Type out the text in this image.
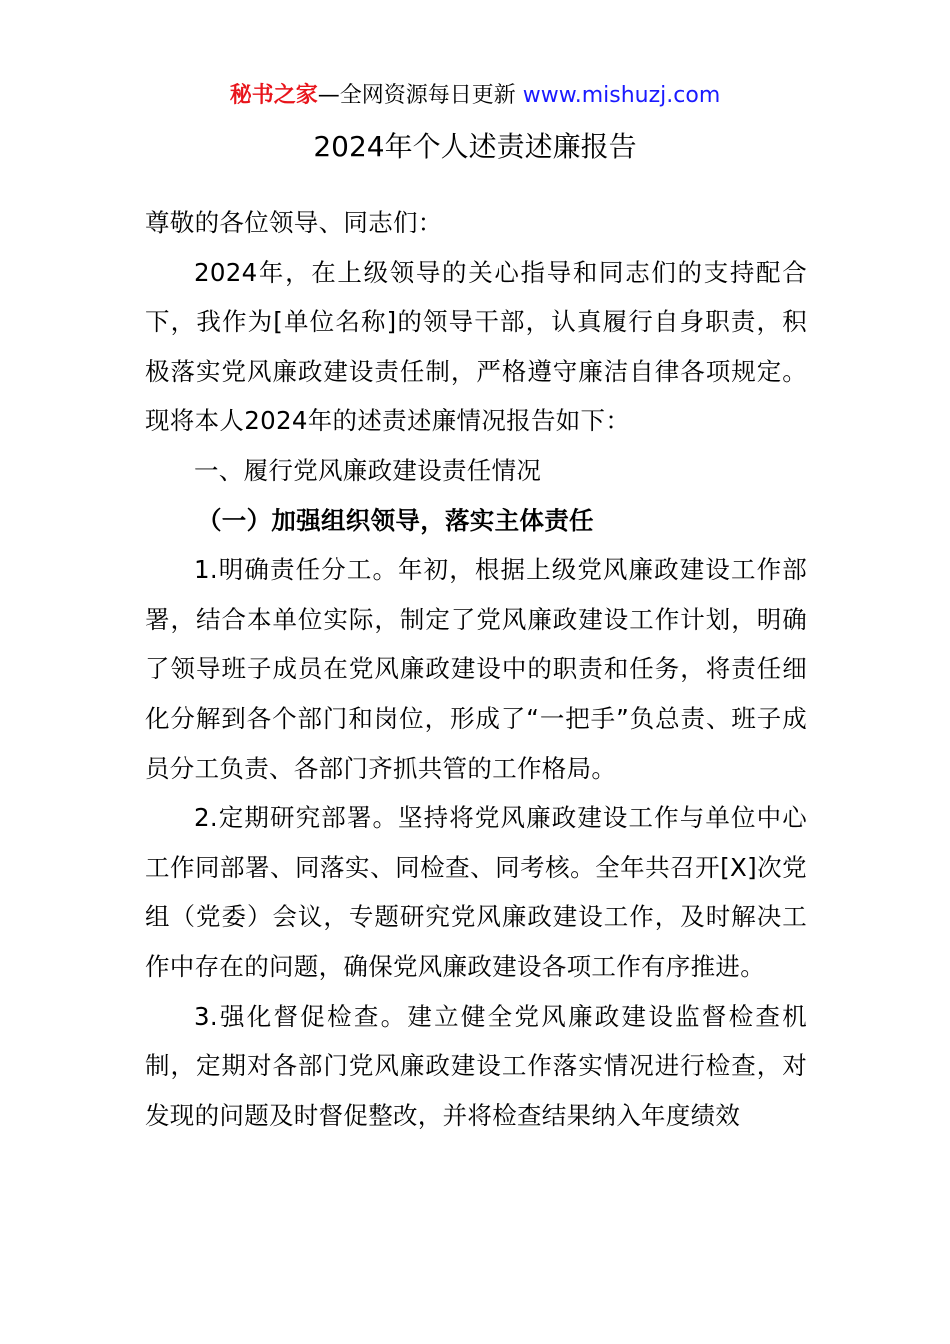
秘书之家—全网资源每日更新 www.mishuzj.com
2024年个人述责述廉报告

尊敬的各位领导、同志们：

2024年，在上级领导的关心指导和同志们的支持配合下，我作为[单位名称]的领导干部，认真履行自身职责，积极落实党风廉政建设责任制，严格遵守廉洁自律各项规定。现将本人2024年的述责述廉情况报告如下：

一、履行党风廉政建设责任情况

（一）加强组织领导，落实主体责任

1.明确责任分工。年初，根据上级党风廉政建设工作部署，结合本单位实际，制定了党风廉政建设工作计划，明确了领导班子成员在党风廉政建设中的职责和任务，将责任细化分解到各个部门和岗位，形成了“一把手”负总责、班子成员分工负责、各部门齐抓共管的工作格局。

2.定期研究部署。坚持将党风廉政建设工作与单位中心工作同部署、同落实、同检查、同考核。全年共召开[X]次党组（党委）会议，专题研究党风廉政建设工作，及时解决工作中存在的问题，确保党风廉政建设各项工作有序推进。

3.强化督促检查。建立健全党风廉政建设监督检查机制，定期对各部门党风廉政建设工作落实情况进行检查，对发现的问题及时督促整改，并将检查结果纳入年度绩效
